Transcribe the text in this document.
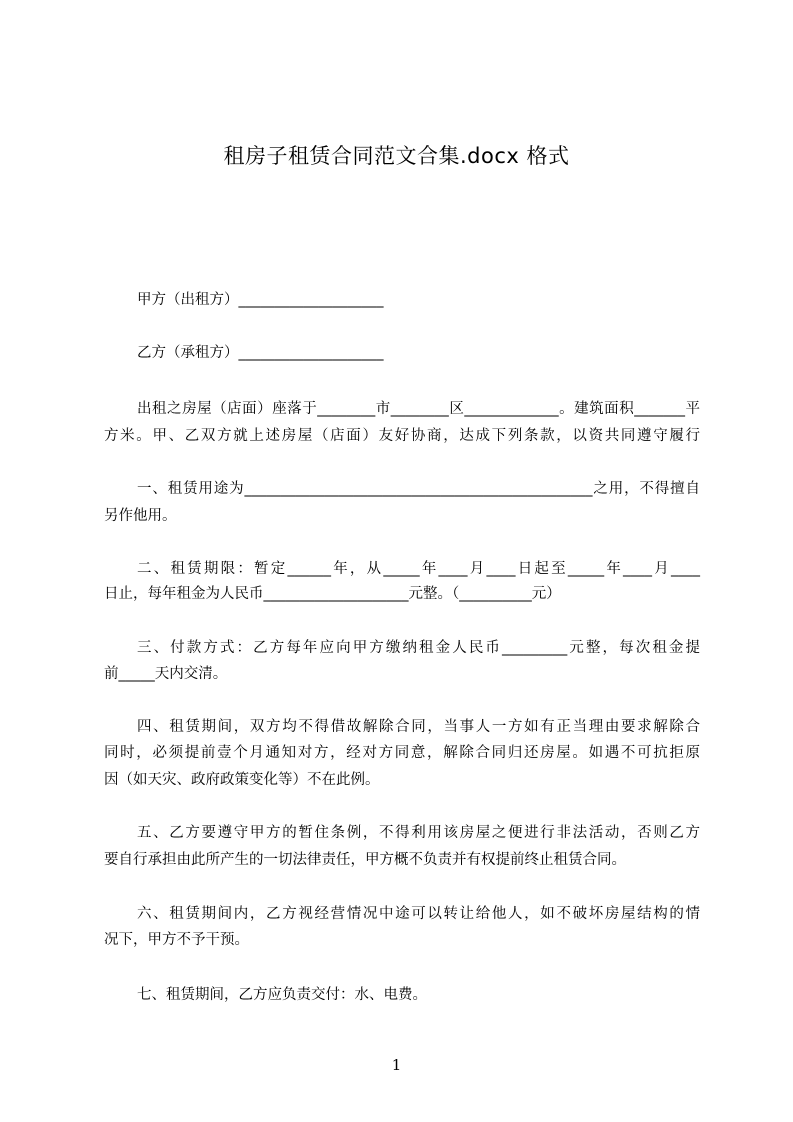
租房子租赁合同范文合集.docx 格式
甲方（出租方）____________________
乙方（承租方）____________________
出租之房屋（店面）座落于________市________区_____________。建筑面积_______平
方米。甲、乙双方就上述房屋（店面）友好协商，达成下列条款，以资共同遵守履行
一、租赁用途为________________________________________________之用，不得擅自
另作他用。
二、租赁期限：暂定______年，从_____年____月____日起至_____年____月____
日止，每年租金为人民币____________________元整。（__________元）
三、付款方式：乙方每年应向甲方缴纳租金人民币_________元整，每次租金提
前_____天内交清。
四、租赁期间，双方均不得借故解除合同，当事人一方如有正当理由要求解除合
同时，必须提前壹个月通知对方，经对方同意，解除合同归还房屋。如遇不可抗拒原
因（如天灾、政府政策变化等）不在此例。
五、乙方要遵守甲方的暂住条例，不得利用该房屋之便进行非法活动，否则乙方
要自行承担由此所产生的一切法律责任，甲方概不负责并有权提前终止租赁合同。
六、租赁期间内，乙方视经营情况中途可以转让给他人，如不破坏房屋结构的情
况下，甲方不予干预。
七、租赁期间，乙方应负责交付：水、电费。
1
